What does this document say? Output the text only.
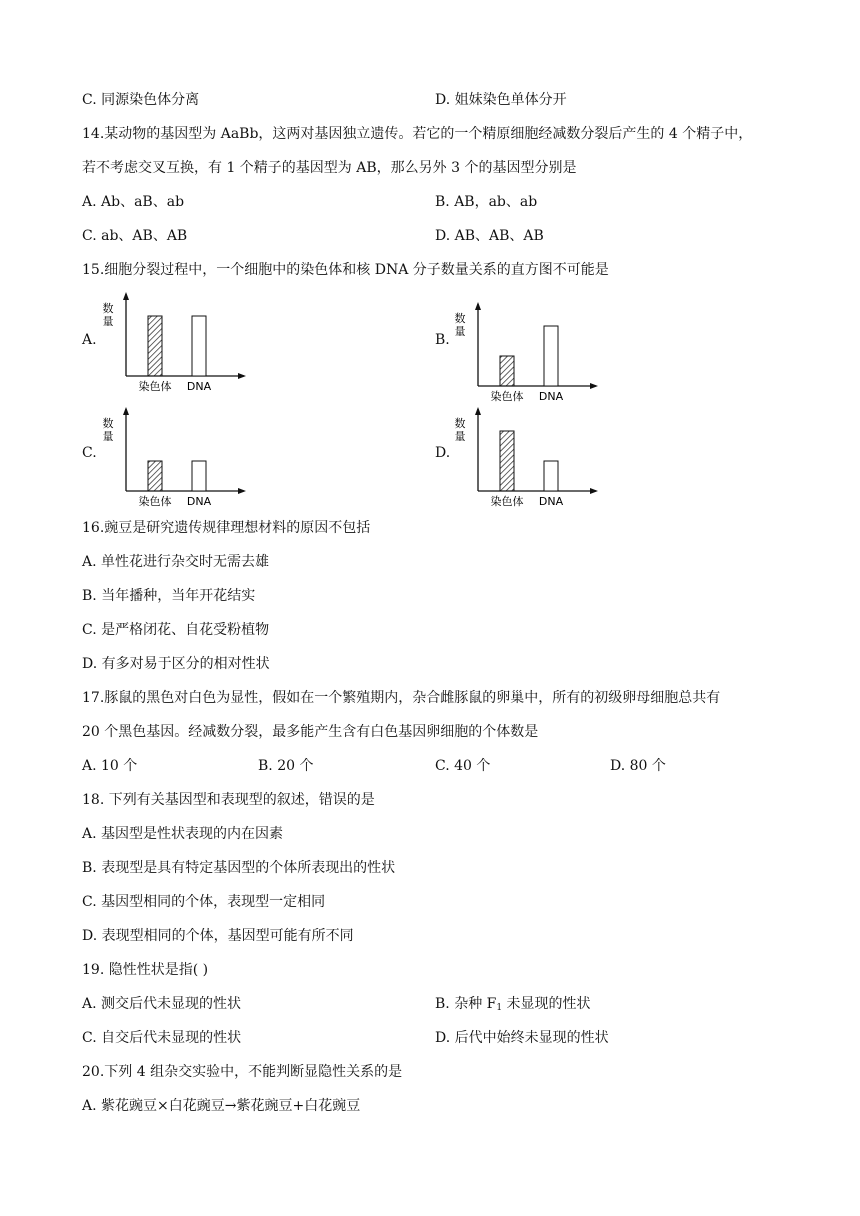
C. 同源染色体分离	D. 姐妹染色单体分开
14.某动物的基因型为 AaBb，这两对基因独立遗传。若它的一个精原细胞经减数分裂后产生的 4 个精子中，
若不考虑交叉互换，有 1 个精子的基因型为 AB，那么另外 3 个的基因型分别是
A. Ab、aB、ab	B. AB，ab、ab
C. ab、AB、AB	D. AB、AB、AB
15.细胞分裂过程中，一个细胞中的染色体和核 DNA 分子数量关系的直方图不可能是
A.
数
量
染色体 DNA
B.
数
量
染色体 DNA
C.
数
量
染色体 DNA
D.
数
量
染色体 DNA
16.豌豆是研究遗传规律理想材料的原因不包括
A. 单性花进行杂交时无需去雄
B. 当年播种，当年开花结实
C. 是严格闭花、自花受粉植物
D. 有多对易于区分的相对性状
17.豚鼠的黑色对白色为显性，假如在一个繁殖期内，杂合雌豚鼠的卵巢中，所有的初级卵母细胞总共有
20 个黑色基因。经减数分裂，最多能产生含有白色基因卵细胞的个体数是
A. 10 个	B. 20 个	C. 40 个	D. 80 个
18. 下列有关基因型和表现型的叙述，错误的是
A. 基因型是性状表现的内在因素
B. 表现型是具有特定基因型的个体所表现出的性状
C. 基因型相同的个体，表现型一定相同
D. 表现型相同的个体，基因型可能有所不同
19. 隐性性状是指( )
A. 测交后代未显现的性状	B. 杂种 $F_1$ 未显现的性状
C. 自交后代未显现的性状	D. 后代中始终未显现的性状
20.下列 4 组杂交实验中，不能判断显隐性关系的是
A. 紫花豌豆×白花豌豆→紫花豌豆+白花豌豆
